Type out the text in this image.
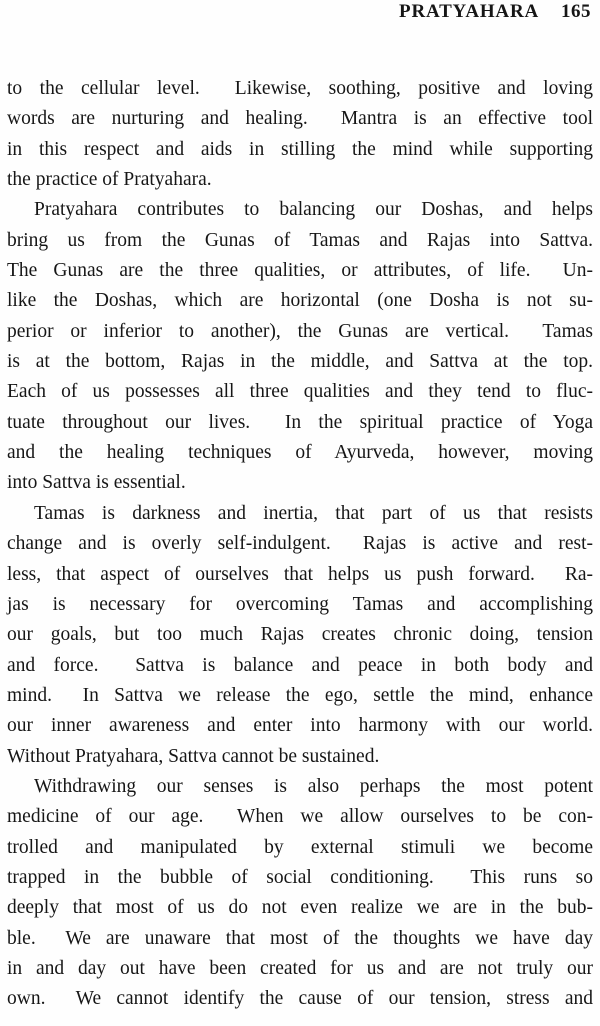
PRATYAHARA 165
to the cellular level.  Likewise, soothing, positive and loving
words are nurturing and healing.  Mantra is an effective tool
in this respect and aids in stilling the mind while supporting
the practice of Pratyahara.
Pratyahara contributes to balancing our Doshas, and helps
bring us from the Gunas of Tamas and Rajas into Sattva.
The Gunas are the three qualities, or attributes, of life.  Un-
like the Doshas, which are horizontal (one Dosha is not su-
perior or inferior to another), the Gunas are vertical.  Tamas
is at the bottom, Rajas in the middle, and Sattva at the top.
Each of us possesses all three qualities and they tend to fluc-
tuate throughout our lives.  In the spiritual practice of Yoga
and the healing techniques of Ayurveda, however, moving
into Sattva is essential.
Tamas is darkness and inertia, that part of us that resists
change and is overly self-indulgent.  Rajas is active and rest-
less, that aspect of ourselves that helps us push forward.  Ra-
jas is necessary for overcoming Tamas and accomplishing
our goals, but too much Rajas creates chronic doing, tension
and force.  Sattva is balance and peace in both body and
mind.  In Sattva we release the ego, settle the mind, enhance
our inner awareness and enter into harmony with our world.
Without Pratyahara, Sattva cannot be sustained.
Withdrawing our senses is also perhaps the most potent
medicine of our age.  When we allow ourselves to be con-
trolled and manipulated by external stimuli we become
trapped in the bubble of social conditioning.  This runs so
deeply that most of us do not even realize we are in the bub-
ble.  We are unaware that most of the thoughts we have day
in and day out have been created for us and are not truly our
own.  We cannot identify the cause of our tension, stress and
